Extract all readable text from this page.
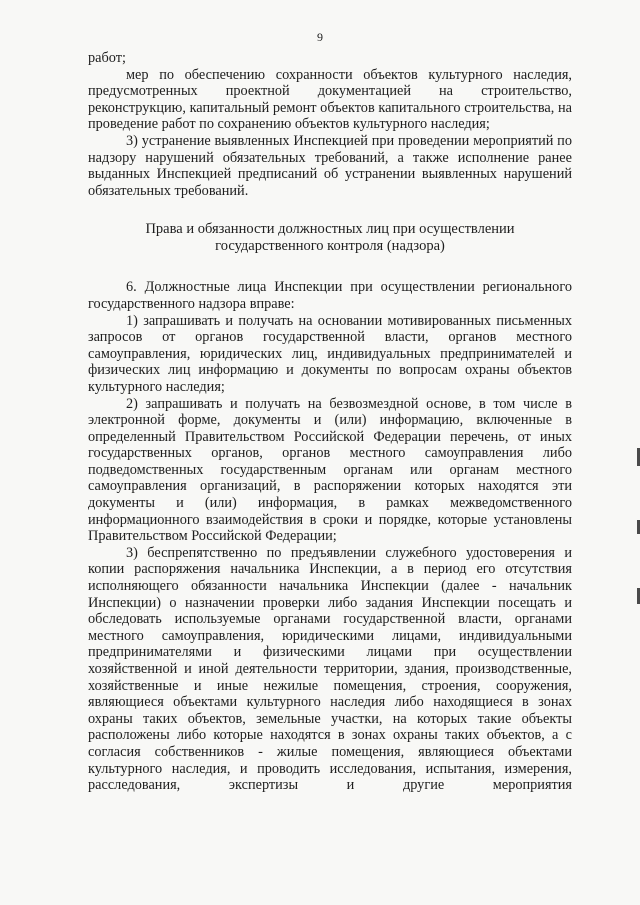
9

работ;

мер по обеспечению сохранности объектов культурного наследия, предусмотренных проектной документацией на строительство, реконструкцию, капитальный ремонт объектов капитального строительства, на проведение работ по сохранению объектов культурного наследия;

3) устранение выявленных Инспекцией при проведении мероприятий по надзору нарушений обязательных требований, а также исполнение ранее выданных Инспекцией предписаний об устранении выявленных нарушений обязательных требований.

Права и обязанности должностных лиц при осуществлении
государственного контроля (надзора)

6. Должностные лица Инспекции при осуществлении регионального государственного надзора вправе:

1) запрашивать и получать на основании мотивированных письменных запросов от органов государственной власти, органов местного самоуправления, юридических лиц, индивидуальных предпринимателей и физических лиц информацию и документы по вопросам охраны объектов культурного наследия;

2) запрашивать и получать на безвозмездной основе, в том числе в электронной форме, документы и (или) информацию, включенные в определенный Правительством Российской Федерации перечень, от иных государственных органов, органов местного самоуправления либо подведомственных государственным органам или органам местного самоуправления организаций, в распоряжении которых находятся эти документы и (или) информация, в рамках межведомственного информационного взаимодействия в сроки и порядке, которые установлены Правительством Российской Федерации;

3) беспрепятственно по предъявлении служебного удостоверения и копии распоряжения начальника Инспекции, а в период его отсутствия исполняющего обязанности начальника Инспекции (далее - начальник Инспекции) о назначении проверки либо задания Инспекции посещать и обследовать используемые органами государственной власти, органами местного самоуправления, юридическими лицами, индивидуальными предпринимателями и физическими лицами при осуществлении хозяйственной и иной деятельности территории, здания, производственные, хозяйственные и иные нежилые помещения, строения, сооружения, являющиеся объектами культурного наследия либо находящиеся в зонах охраны таких объектов, земельные участки, на которых такие объекты расположены либо которые находятся в зонах охраны таких объектов, а с согласия собственников - жилые помещения, являющиеся объектами культурного наследия, и проводить исследования, испытания, измерения, расследования, экспертизы и другие мероприятия
